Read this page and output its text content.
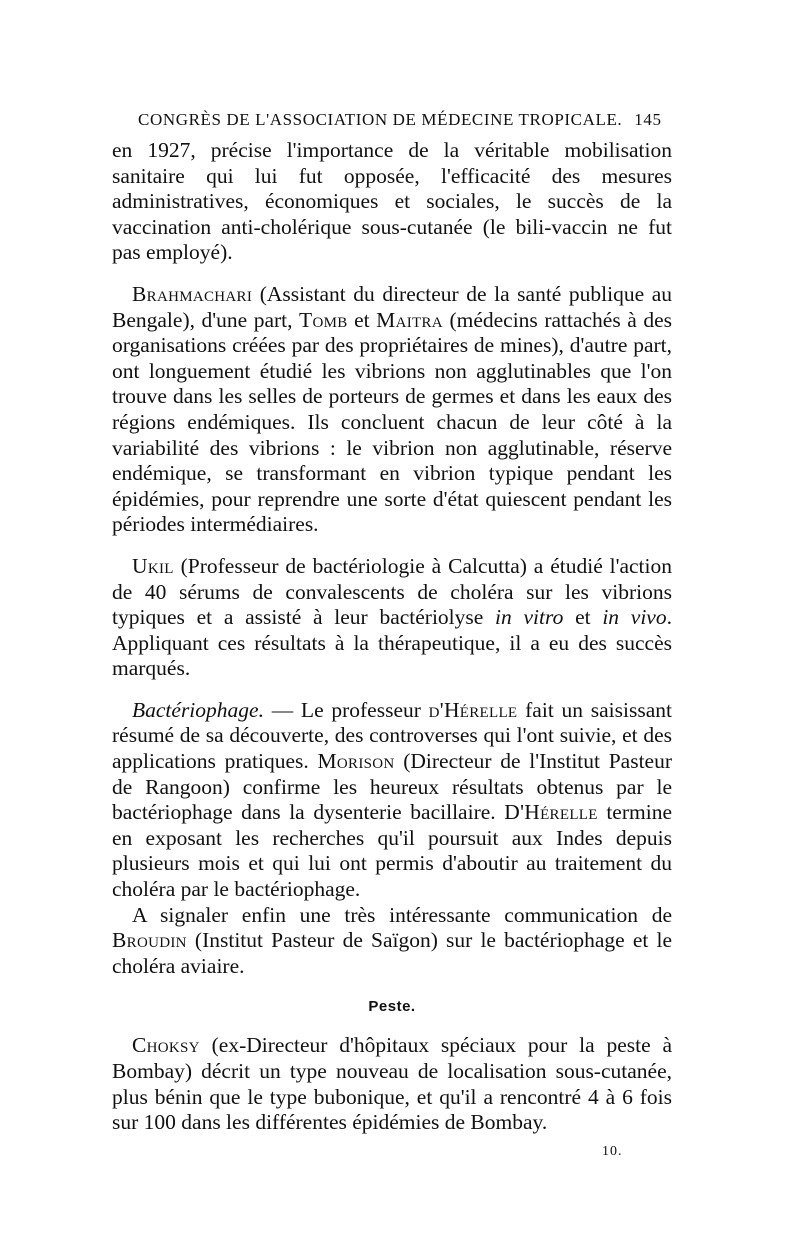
CONGRÈS DE L'ASSOCIATION DE MÉDECINE TROPICALE. 145

en 1927, précise l'importance de la véritable mobilisation sanitaire qui lui fut opposée, l'efficacité des mesures administratives, économiques et sociales, le succès de la vaccination anti-cholérique sous-cutanée (le bili-vaccin ne fut pas employé).

Brahmachari (Assistant du directeur de la santé publique au Bengale), d'une part, Tomb et Maitra (médecins rattachés à des organisations créées par des propriétaires de mines), d'autre part, ont longuement étudié les vibrions non agglutinables que l'on trouve dans les selles de porteurs de germes et dans les eaux des régions endémiques. Ils concluent chacun de leur côté à la variabilité des vibrions : le vibrion non agglutinable, réserve endémique, se transformant en vibrion typique pendant les épidémies, pour reprendre une sorte d'état quiescent pendant les périodes intermédiaires.

Ukil (Professeur de bactériologie à Calcutta) a étudié l'action de 40 sérums de convalescents de choléra sur les vibrions typiques et a assisté à leur bactériolyse in vitro et in vivo. Appliquant ces résultats à la thérapeutique, il a eu des succès marqués.

Bactériophage. — Le professeur d'Hérelle fait un saisissant résumé de sa découverte, des controverses qui l'ont suivie, et des applications pratiques. Morison (Directeur de l'Institut Pasteur de Rangoon) confirme les heureux résultats obtenus par le bactériophage dans la dysenterie bacillaire. D'Hérelle termine en exposant les recherches qu'il poursuit aux Indes depuis plusieurs mois et qui lui ont permis d'aboutir au traitement du choléra par le bactériophage.

A signaler enfin une très intéressante communication de Broudin (Institut Pasteur de Saïgon) sur le bactériophage et le choléra aviaire.

Peste.

Choksy (ex-Directeur d'hôpitaux spéciaux pour la peste à Bombay) décrit un type nouveau de localisation sous-cutanée, plus bénin que le type bubonique, et qu'il a rencontré 4 à 6 fois sur 100 dans les différentes épidémies de Bombay.

10.
